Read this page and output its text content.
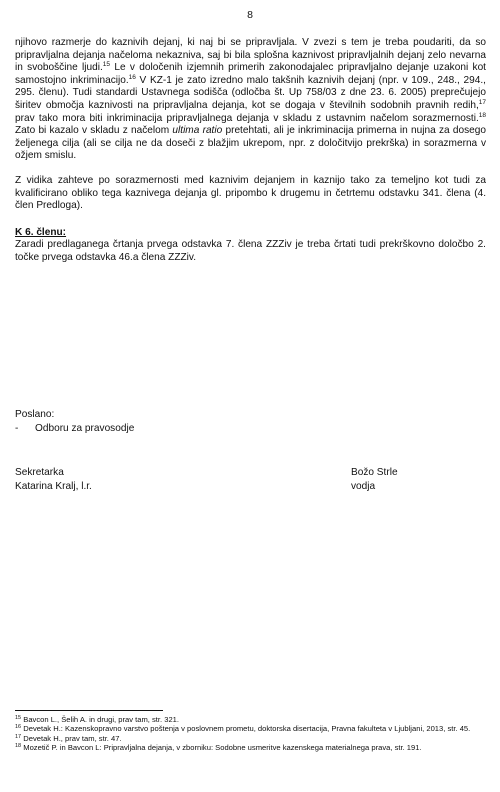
8

njihovo razmerje do kaznivih dejanj, ki naj bi se pripravljala. V zvezi s tem je treba poudariti, da so pripravljalna dejanja načeloma nekazniva, saj bi bila splošna kaznivost pripravljalnih dejanj zelo nevarna in svoboščine ljudi.$^{15}$ Le v določenih izjemnih primerih zakonodajalec pripravljalno dejanje uzakoni kot samostojno inkriminacijo.$^{16}$ V KZ-1 je zato izredno malo takšnih kaznivih dejanj (npr. v 109., 248., 294., 295. členu). Tudi standardi Ustavnega sodišča (odločba št. Up 758/03 z dne 23. 6. 2005) preprečujejo širitev območja kaznivosti na pripravljalna dejanja, kot se dogaja v številnih sodobnih pravnih redih,$^{17}$ prav tako mora biti inkriminacija pripravljalnega dejanja v skladu z ustavnim načelom sorazmernosti.$^{18}$ Zato bi kazalo v skladu z načelom ultima ratio pretehtati, ali je inkriminacija primerna in nujna za dosego željenega cilja (ali se cilja ne da doseči z blažjim ukrepom, npr. z določitvijo prekrška) in sorazmerna v ožjem smislu.

Z vidika zahteve po sorazmernosti med kaznivim dejanjem in kaznijo tako za temeljno kot tudi za kvalificirano obliko tega kaznivega dejanja gl. pripombo k drugemu in četrtemu odstavku 341. člena (4. člen Predloga).

K 6. členu:

Zaradi predlaganega črtanja prvega odstavka 7. člena ZZZiv je treba črtati tudi prekrškovno določbo 2. točke prvega odstavka 46.a člena ZZZiv.

Sekretarka
Katarina Kralj, l.r.
Božo Strle
vodja
Poslano:
-	Odboru za pravosodje

$^{15}$ Bavcon L., Šelih A. in drugi, prav tam, str. 321.

$^{16}$ Devetak H.: Kazenskopravno varstvo poštenja v poslovnem prometu, doktorska disertacija, Pravna fakulteta v Ljubljani, 2013, str. 45.

$^{17}$ Devetak H., prav tam, str. 47.

$^{18}$ Mozetič P. in Bavcon L: Pripravljalna dejanja, v zborniku: Sodobne usmeritve kazenskega materialnega prava, str. 191.
